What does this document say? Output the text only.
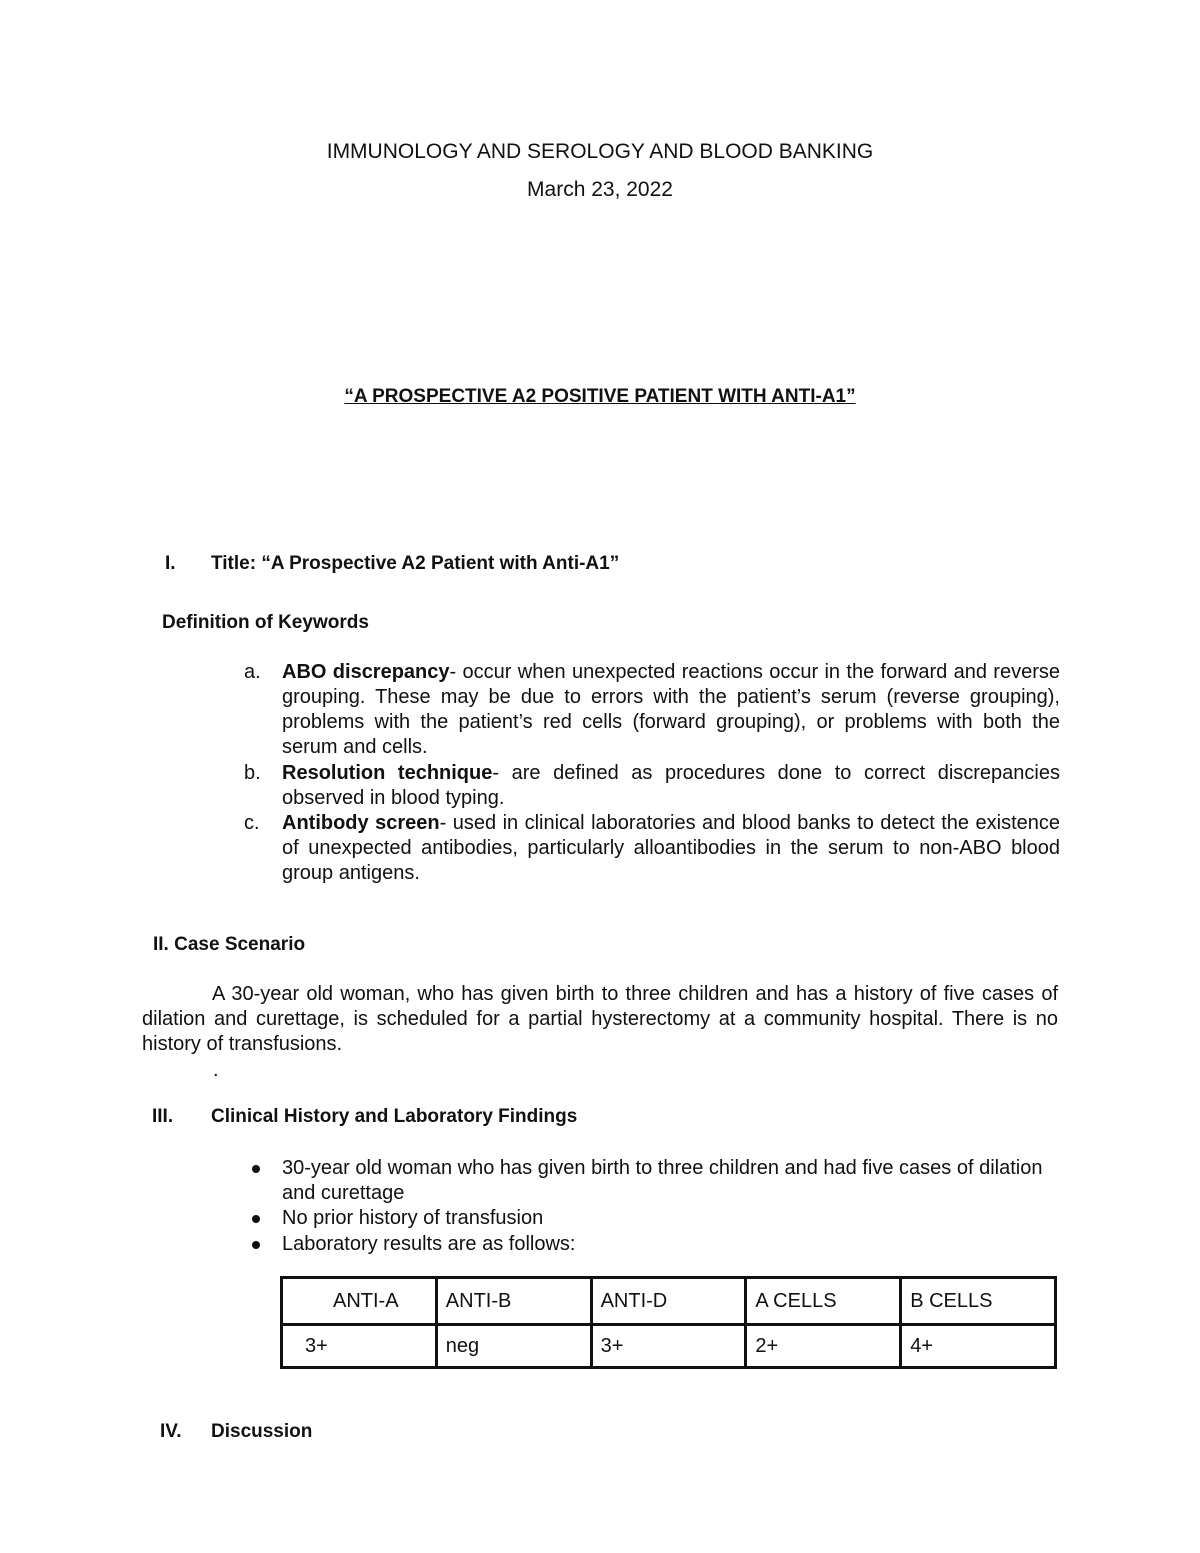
IMMUNOLOGY AND SEROLOGY AND BLOOD BANKING
March 23, 2022
“A PROSPECTIVE A2 POSITIVE PATIENT WITH ANTI-A1”
I. Title: “A Prospective A2 Patient with Anti-A1”
Definition of Keywords
a.	ABO discrepancy- occur when unexpected reactions occur in the forward and reverse grouping. These may be due to errors with the patient’s serum (reverse grouping), problems with the patient’s red cells (forward grouping), or problems with both the serum and cells.
b.	Resolution technique- are defined as procedures done to correct discrepancies observed in blood typing.
c.	Antibody screen- used in clinical laboratories and blood banks to detect the existence of unexpected antibodies, particularly alloantibodies in the serum to non-ABO blood group antigens.
II. Case Scenario
A 30-year old woman, who has given birth to three children and has a history of five cases of dilation and curettage, is scheduled for a partial hysterectomy at a community hospital. There is no history of transfusions.
.
III. Clinical History and Laboratory Findings
30-year old woman who has given birth to three children and had five cases of dilation and curettage
No prior history of transfusion
Laboratory results are as follows:
ANTI-A	ANTI-B	ANTI-D	A CELLS	B CELLS
3+	neg	3+	2+	4+
IV. Discussion
